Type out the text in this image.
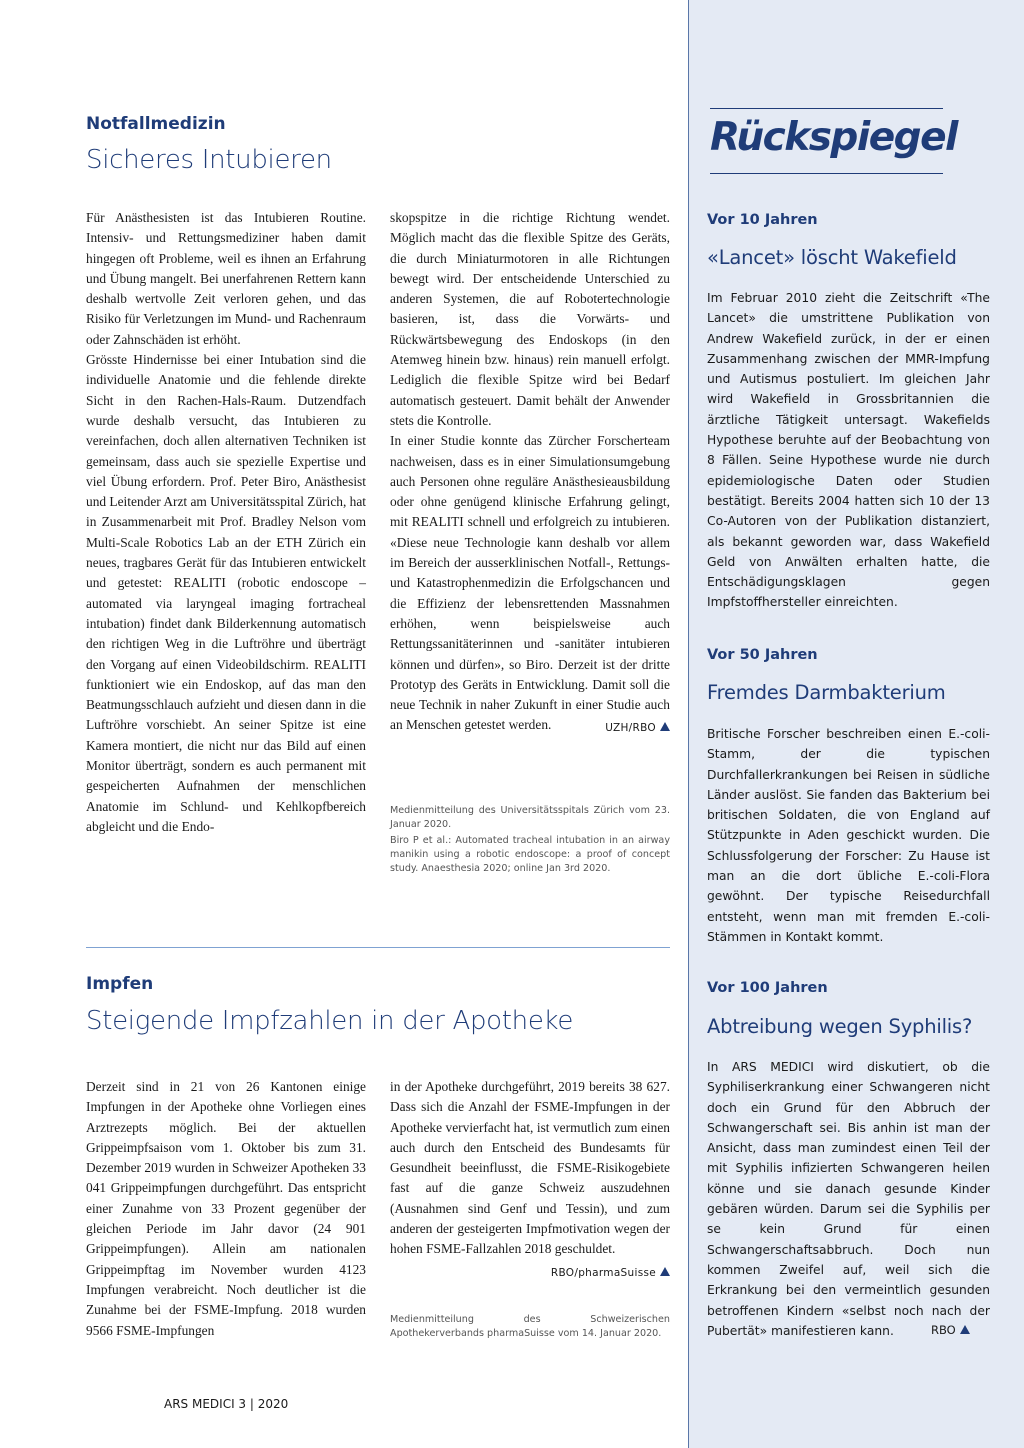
Rückspiegel
Notfallmedizin
Sicheres Intubieren

Für Anästhesisten ist das Intubieren Routine. Intensiv- und Rettungsmediziner haben damit hingegen oft Probleme, weil es ihnen an Erfahrung und Übung mangelt. Bei unerfahrenen Rettern kann deshalb wertvolle Zeit verloren gehen, und das Risiko für Verletzungen im Mund- und Rachenraum oder Zahnschäden ist erhöht.

Grösste Hindernisse bei einer Intubation sind die individuelle Anatomie und die fehlende direkte Sicht in den Rachen-Hals-Raum. Dutzendfach wurde deshalb versucht, das Intubieren zu vereinfachen, doch allen alternativen Techniken ist gemeinsam, dass auch sie spezielle Expertise und viel Übung erfordern. Prof. Peter Biro, Anästhesist und Leitender Arzt am Universitätsspital Zürich, hat in Zusammenarbeit mit Prof. Bradley Nelson vom Multi-Scale Robotics Lab an der ETH Zürich ein neues, tragbares Gerät für das Intubieren entwickelt und getestet: REALITI (robotic endoscope – automated via laryngeal imaging fortracheal intubation) findet dank Bilderkennung automatisch den richtigen Weg in die Luftröhre und überträgt den Vorgang auf einen Videobildschirm. REALITI funktioniert wie ein Endoskop, auf das man den Beatmungsschlauch aufzieht und diesen dann in die Luftröhre vorschiebt. An seiner Spitze ist eine Kamera montiert, die nicht nur das Bild auf einen Monitor überträgt, sondern es auch permanent mit gespeicherten Aufnahmen der menschlichen Anatomie im Schlund- und Kehlkopfbereich abgleicht und die Endo-

skopspitze in die richtige Richtung wendet. Möglich macht das die flexible Spitze des Geräts, die durch Miniaturmotoren in alle Richtungen bewegt wird. Der entscheidende Unterschied zu anderen Systemen, die auf Robotertechnologie basieren, ist, dass die Vorwärts- und Rückwärtsbewegung des Endoskops (in den Atemweg hinein bzw. hinaus) rein manuell erfolgt. Lediglich die flexible Spitze wird bei Bedarf automatisch gesteuert. Damit behält der Anwender stets die Kontrolle.

In einer Studie konnte das Zürcher Forscherteam nachweisen, dass es in einer Simulationsumgebung auch Personen ohne reguläre Anästhesieausbildung oder ohne genügend klinische Erfahrung gelingt, mit REALITI schnell und erfolgreich zu intubieren. «Diese neue Technologie kann deshalb vor allem im Bereich der ausserklinischen Notfall-, Rettungs- und Katastrophenmedizin die Erfolgschancen und die Effizienz der lebensrettenden Massnahmen erhöhen, wenn beispielsweise auch Rettungssanitäterinnen und -sanitäter intubieren können und dürfen», so Biro. Derzeit ist der dritte Prototyp des Geräts in Entwicklung. Damit soll die neue Technik in naher Zukunft in einer Studie auch an Menschen getestet werden.	UZH/RBO

Medienmitteilung des Universitätsspitals Zürich vom 23. Januar 2020.

Biro P et al.: Automated tracheal intubation in an airway manikin using a robotic endoscope: a proof of concept study. Anaesthesia 2020; online Jan 3rd 2020.

Impfen
Steigende Impfzahlen in der Apotheke

Derzeit sind in 21 von 26 Kantonen einige Impfungen in der Apotheke ohne Vorliegen eines Arztrezepts möglich. Bei der aktuellen Grippeimpfsaison vom 1. Oktober bis zum 31. Dezember 2019 wurden in Schweizer Apotheken 33 041 Grippeimpfungen durchgeführt. Das entspricht einer Zunahme von 33 Prozent gegenüber der gleichen Periode im Jahr davor (24 901 Grippeimpfungen). Allein am nationalen Grippeimpftag im November wurden 4123 Impfungen verabreicht. Noch deutlicher ist die Zunahme bei der FSME-Impfung. 2018 wurden 9566 FSME-Impfungen

in der Apotheke durchgeführt, 2019 bereits 38 627. Dass sich die Anzahl der FSME-Impfungen in der Apotheke vervierfacht hat, ist vermutlich zum einen auch durch den Entscheid des Bundesamts für Gesundheit beeinflusst, die FSME-Risikogebiete fast auf die ganze Schweiz auszudehnen (Ausnahmen sind Genf und Tessin), und zum anderen der gesteigerten Impfmotivation wegen der hohen FSME-Fallzahlen 2018 geschuldet.

RBO/pharmaSuisse
Medienmitteilung des Schweizerischen Apothekerverbands pharmaSuisse vom 14. Januar 2020.
Vor 10 Jahren
«Lancet» löscht Wakefield
Im Februar 2010 zieht die Zeitschrift «The Lancet» die umstrittene Publikation von Andrew Wakefield zurück, in der er einen Zusammenhang zwischen der MMR-Impfung und Autismus postuliert. Im gleichen Jahr wird Wakefield in Grossbritannien die ärztliche Tätigkeit untersagt. Wakefields Hypothese beruhte auf der Beobachtung von 8 Fällen. Seine Hypothese wurde nie durch epidemiologische Daten oder Studien bestätigt. Bereits 2004 hatten sich 10 der 13 Co-Autoren von der Publikation distanziert, als bekannt geworden war, dass Wakefield Geld von Anwälten erhalten hatte, die Entschädigungsklagen gegen Impfstoffhersteller einreichten.
Vor 50 Jahren
Fremdes Darmbakterium
Britische Forscher beschreiben einen E.-coli-Stamm, der die typischen Durchfallerkrankungen bei Reisen in südliche Länder auslöst. Sie fanden das Bakterium bei britischen Soldaten, die von England auf Stützpunkte in Aden geschickt wurden. Die Schlussfolgerung der Forscher: Zu Hause ist man an die dort übliche E.-coli-Flora gewöhnt. Der typische Reisedurchfall entsteht, wenn man mit fremden E.-coli-Stämmen in Kontakt kommt.
Vor 100 Jahren
Abtreibung wegen Syphilis?
In ARS MEDICI wird diskutiert, ob die Syphiliserkrankung einer Schwangeren nicht doch ein Grund für den Abbruch der Schwangerschaft sei. Bis anhin ist man der Ansicht, dass man zumindest einen Teil der mit Syphilis infizierten Schwangeren heilen könne und sie danach gesunde Kinder gebären würden. Darum sei die Syphilis per se kein Grund für einen Schwangerschaftsabbruch. Doch nun kommen Zweifel auf, weil sich die Erkrankung bei den vermeintlich gesunden betroffenen Kindern «selbst noch nach der Pubertät» manifestieren kann.	RBO
ARS MEDICI 3 | 2020
